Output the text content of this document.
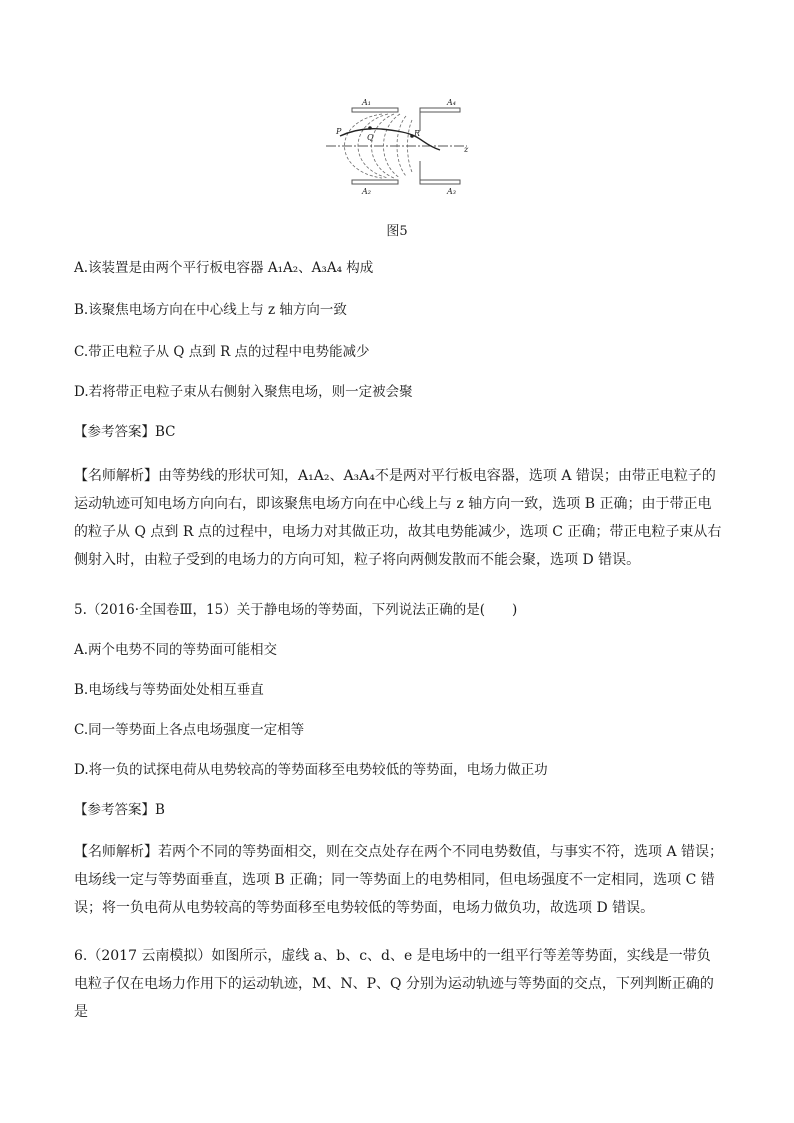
A₁	A₄
A₂	A₃
P
Q	R
z
图5
A.该装置是由两个平行板电容器 A₁A₂、A₃A₄ 构成
B.该聚焦电场方向在中心线上与 z 轴方向一致
C.带正电粒子从 Q 点到 R 点的过程中电势能减少
D.若将带正电粒子束从右侧射入聚焦电场，则一定被会聚
【参考答案】BC
【名师解析】由等势线的形状可知，A₁A₂、A₃A₄不是两对平行板电容器，选项 A 错误；由带正电粒子的运动轨迹可知电场方向向右，即该聚焦电场方向在中心线上与 z 轴方向一致，选项 B 正确；由于带正电的粒子从 Q 点到 R 点的过程中，电场力对其做正功，故其电势能减少，选项 C 正确；带正电粒子束从右侧射入时，由粒子受到的电场力的方向可知，粒子将向两侧发散而不能会聚，选项 D 错误。
5.（2016·全国卷Ⅲ，15）关于静电场的等势面，下列说法正确的是(　　)
A.两个电势不同的等势面可能相交
B.电场线与等势面处处相互垂直
C.同一等势面上各点电场强度一定相等
D.将一负的试探电荷从电势较高的等势面移至电势较低的等势面，电场力做正功
【参考答案】B
【名师解析】若两个不同的等势面相交，则在交点处存在两个不同电势数值，与事实不符，选项 A 错误；电场线一定与等势面垂直，选项 B 正确；同一等势面上的电势相同，但电场强度不一定相同，选项 C 错误；将一负电荷从电势较高的等势面移至电势较低的等势面，电场力做负功，故选项 D 错误。
6.（2017 云南模拟）如图所示，虚线 a、b、c、d、e 是电场中的一组平行等差等势面，实线是一带负电粒子仅在电场力作用下的运动轨迹，M、N、P、Q 分别为运动轨迹与等势面的交点，下列判断正确的是
